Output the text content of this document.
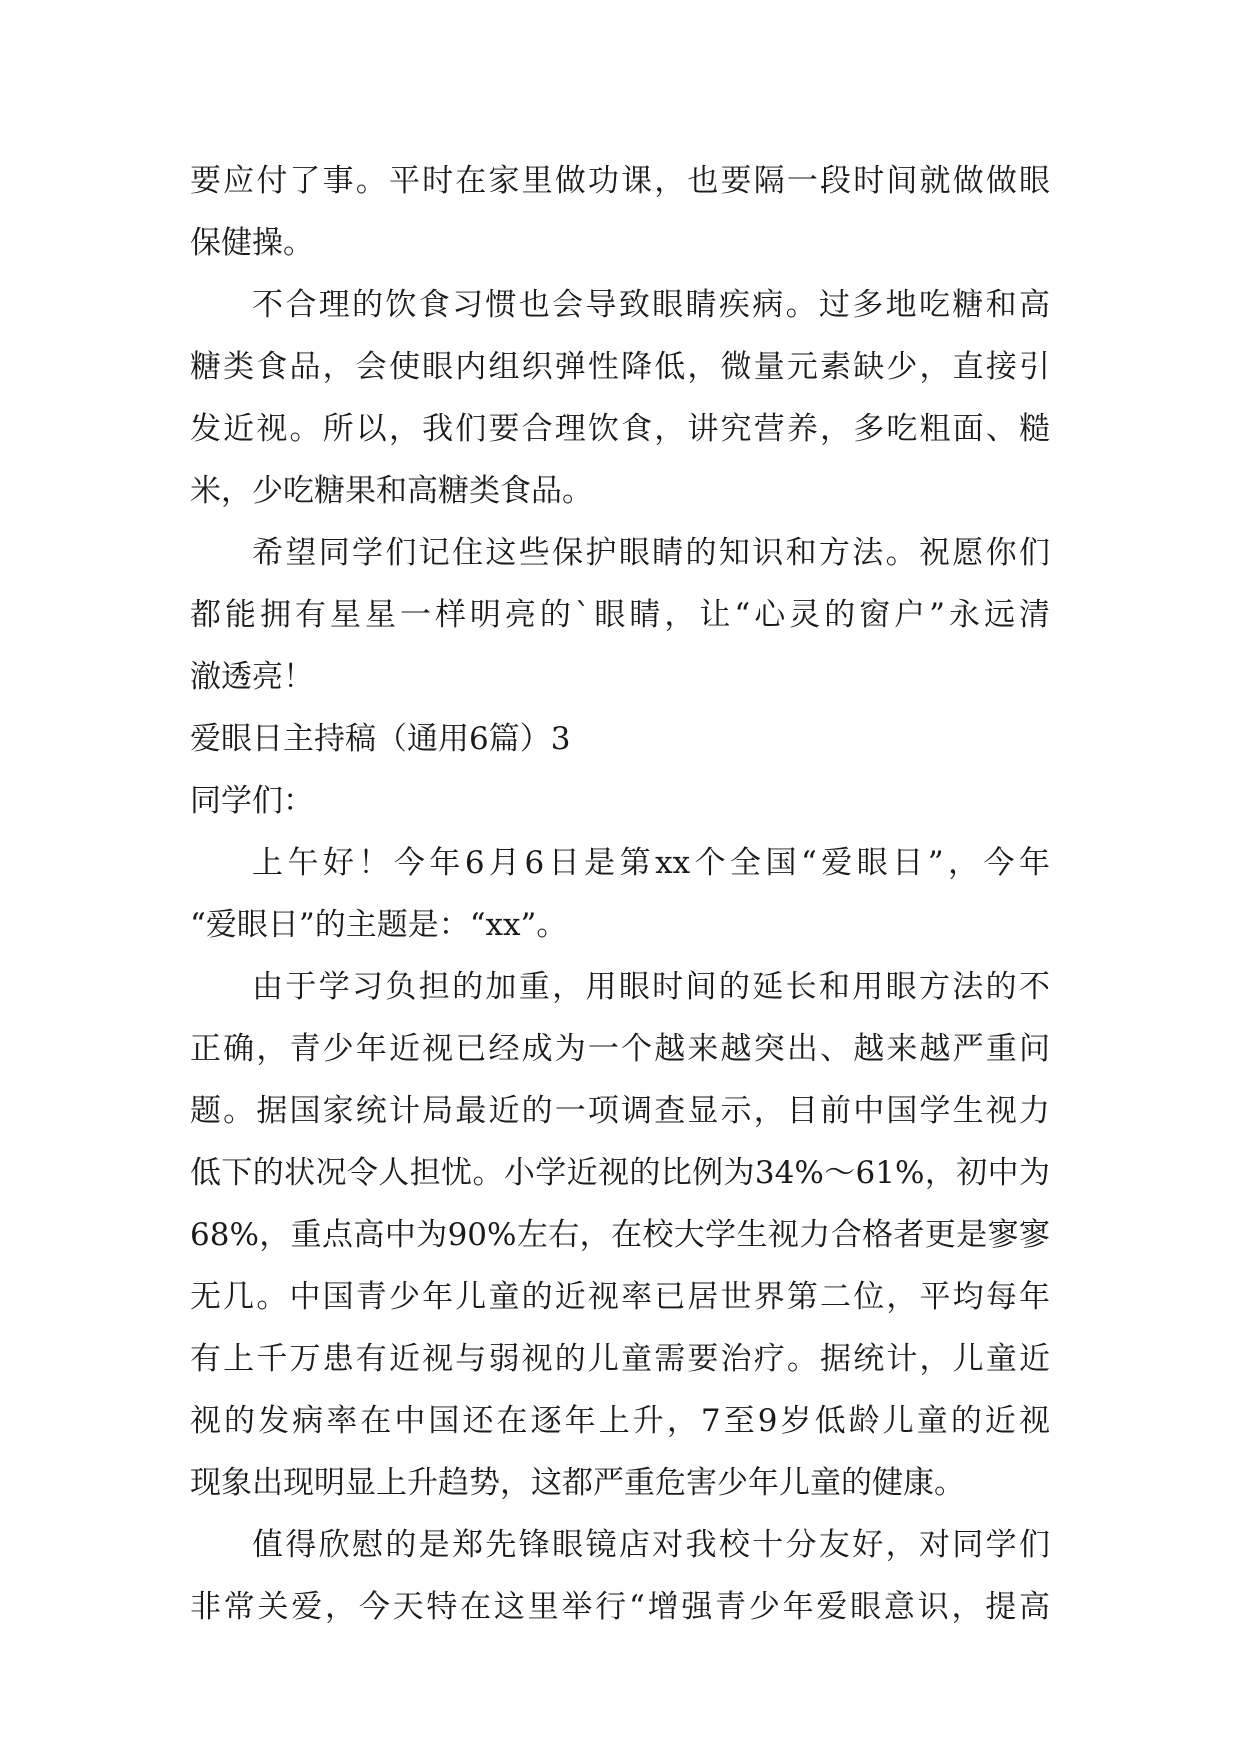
要应付了事。平时在家里做功课，也要隔一段时间就做做眼
保健操。
不合理的饮食习惯也会导致眼睛疾病。过多地吃糖和高
糖类食品，会使眼内组织弹性降低，微量元素缺少，直接引
发近视。所以，我们要合理饮食，讲究营养，多吃粗面、糙
米，少吃糖果和高糖类食品。
希望同学们记住这些保护眼睛的知识和方法。祝愿你们
都能拥有星星一样明亮的`眼睛，让“心灵的窗户”永远清
澈透亮！
爱眼日主持稿（通用6篇）3
同学们：
上午好！今年6月6日是第xx个全国“爱眼日”，今年
“爱眼日”的主题是：“xx”。
由于学习负担的加重，用眼时间的延长和用眼方法的不
正确，青少年近视已经成为一个越来越突出、越来越严重问
题。据国家统计局最近的一项调查显示，目前中国学生视力
低下的状况令人担忧。小学近视的比例为34%～61%，初中为
68%，重点高中为90%左右，在校大学生视力合格者更是寥寥
无几。中国青少年儿童的近视率已居世界第二位，平均每年
有上千万患有近视与弱视的儿童需要治疗。据统计，儿童近
视的发病率在中国还在逐年上升，7至9岁低龄儿童的近视
现象出现明显上升趋势，这都严重危害少年儿童的健康。
值得欣慰的是郑先锋眼镜店对我校十分友好，对同学们
非常关爱，今天特在这里举行“增强青少年爱眼意识，提高
